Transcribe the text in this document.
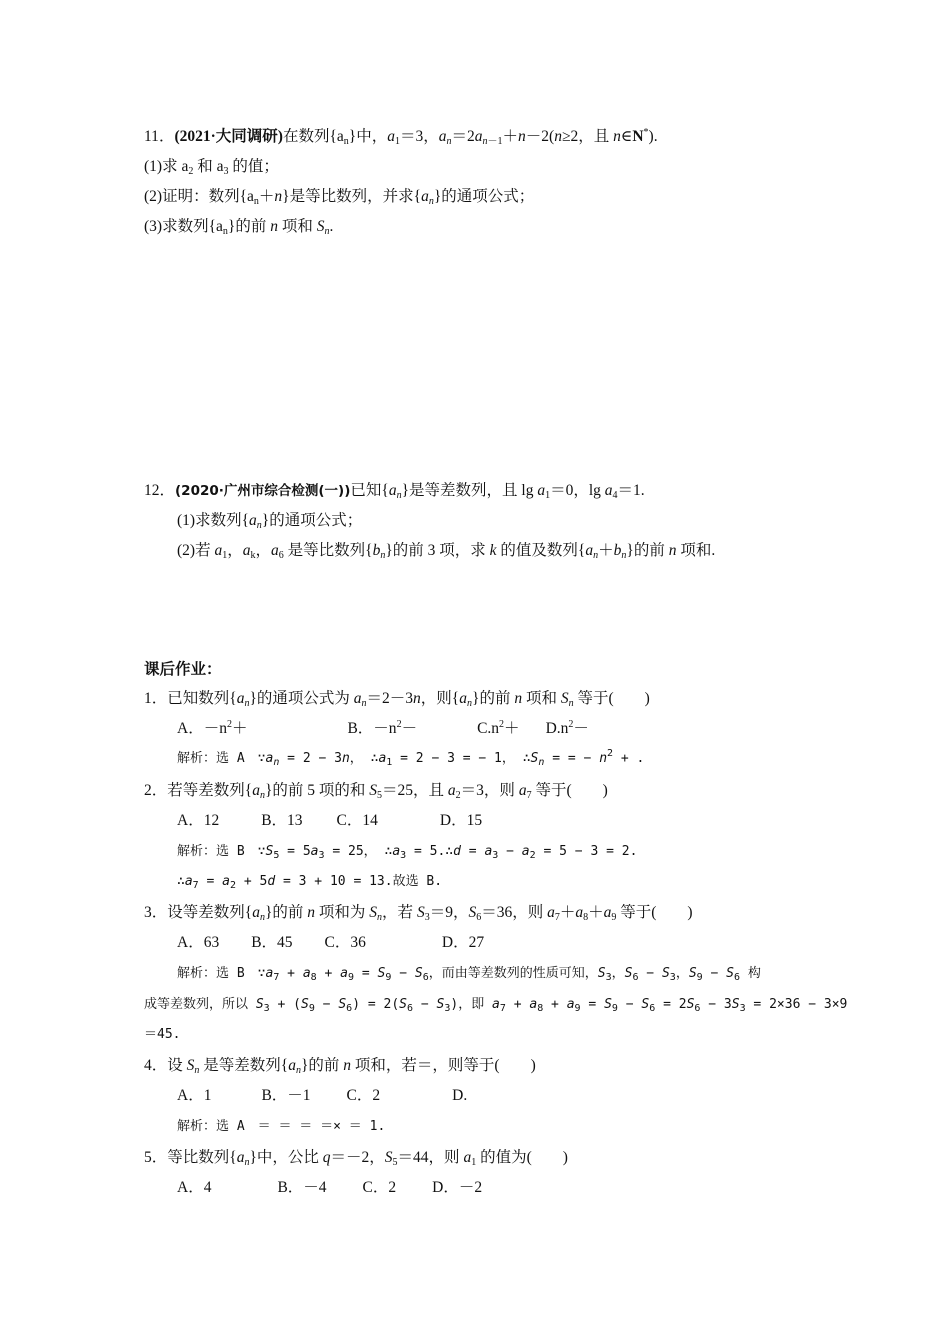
11．(2021·大同调研)在数列$\{a_n\}$中，$a_1=3$，$a_n=2a_{n-1}+n-2(n\ge 2$，且 n∈N*).
(1)求 $a_2$ 和 $a_3$ 的值；
(2)证明：数列$\{a_n+n\}$是等比数列，并求$\{a_n\}$的通项公式；
(3)求数列$\{a_n\}$的前 n 项和 $S_n$.
12．(2020·广州市综合检测(一))已知$\{a_n\}$是等差数列，且 $\lg a_1=0$，$\lg a_4=1$.
(1)求数列$\{a_n\}$的通项公式；
(2)若 $a_1$，$a_k$，$a_6$ 是等比数列$\{b_n\}$的前 3 项，求 k 的值及数列$\{a_n+b_n\}$的前 n 项和.
课后作业：
1．已知数列$\{a_n\}$的通项公式为 $a_n=2-3n$，则$\{a_n\}$的前 n 项和 $S_n$ 等于(　　)
A．$-n^2+$	B．$-n^2-$	$C.n^2+ D.n^2-$
解析：选 A　$\because a_n = 2 - 3n$， $\therefore a_1 = 2 - 3$ = − 1， $\therefore S_n$ = = − $n^2$ + .
2．若等差数列$\{a_n\}$的前 5 项的和 $S_5=25$，且 $a_2=3$，则 $a_7$ 等于(　　)
A．12	B．13 C．14	D．15
解析：选 B　$\because S_5 = 5a_3 = 25$， $\therefore a_3$ = 5.∴d = $a_3 - a_2 = 5 - 3 = 2$.
$\therefore a_7 = a_2 + 5d = 3 + 10 = 13$.故选 B.
3．设等差数列$\{a_n\}$的前 n 项和为 $S_n$，若 $S_3=9$，$S_6=36$，则 $a_7+a_8+a_9$ 等于(　　)
A．63 B．45 C．36	D．27
解析：选 B　$\because a_7 + a_8 + a_9 = S_9 - S_6$，而由等差数列的性质可知，$S_3$，$S_6 - S_3$，$S_9 - S_6$ 构
成等差数列，所以 $S_3 + (S_9 - S_6) = 2(S_6 - S_3)$，即 $a_7 + a_8 + a_9 = S_9 - S_6 = 2S_6 - 3S_3 = 2\times 36 - 3\times 9$
＝45.
4．设 $S_n$ 是等差数列$\{a_n\}$的前 n 项和，若＝，则等于(　　)
A．1	B．－1 C．2	D.
解析：选 A　＝ ＝ ＝ ＝× ＝ 1.
5．等比数列$\{a_n\}$中，公比 q＝－2，$S_5=44$，则 $a_1$ 的值为(　　)
A．4	B．－4 C．2 D．－2
